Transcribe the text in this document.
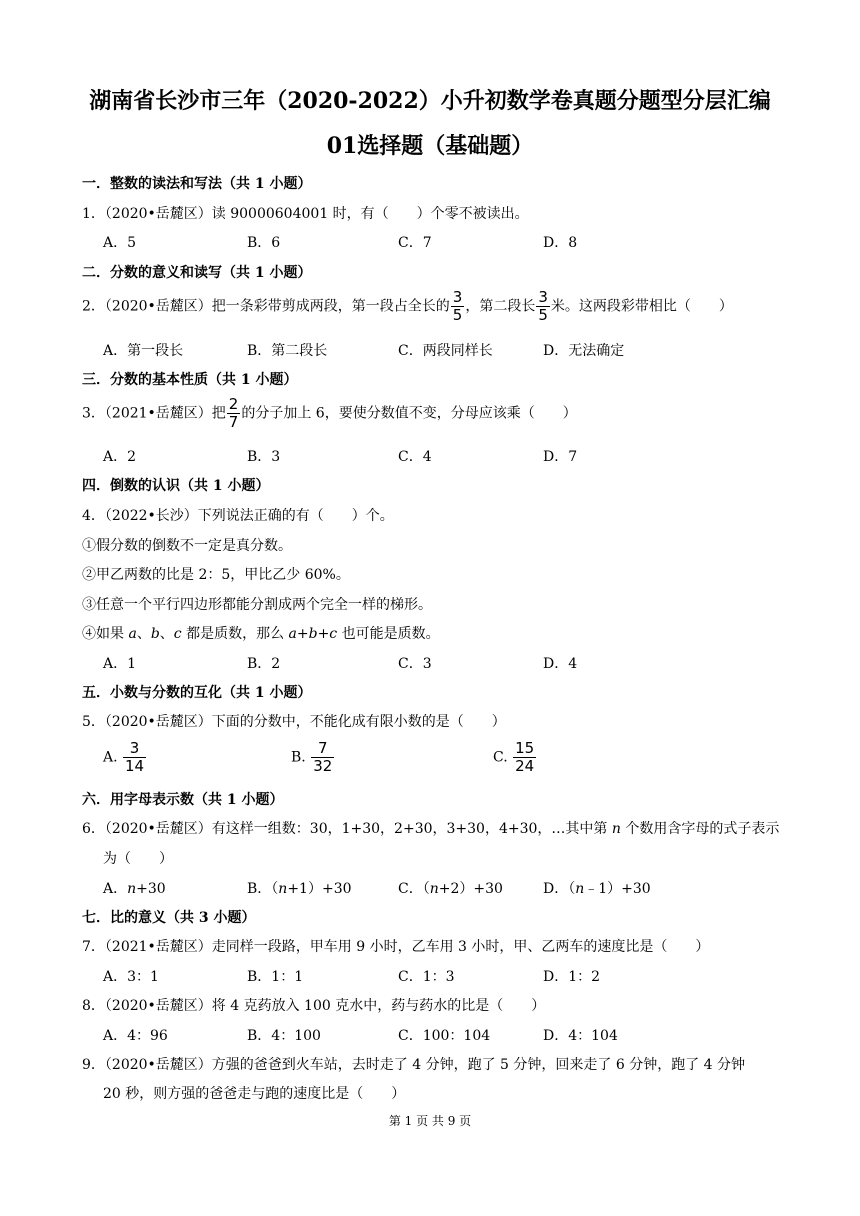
湖南省长沙市三年（2020-2022）小升初数学卷真题分题型分层汇编
01选择题（基础题）
一．整数的读法和写法（共 1 小题）
1．（2020•岳麓区）读 90000604001 时，有（　　）个零不被读出。
A．5	B．6	C．7	D．8
二．分数的意义和读写（共 1 小题）
2．（2020•岳麓区）把一条彩带剪成两段，第一段占全长的 $\frac{3}{5}$ ，第二段长 $\frac{3}{5}$ 米。这两段彩带相比（　　）
A．第一段长	B．第二段长	C．两段同样长	D．无法确定
三．分数的基本性质（共 1 小题）
3．（2021•岳麓区）把 $\frac{2}{7}$ 的分子加上 6，要使分数值不变，分母应该乘（　　）
A．2	B．3	C．4	D．7
四．倒数的认识（共 1 小题）
4．（2022•长沙）下列说法正确的有（　　）个。
①假分数的倒数不一定是真分数。
②甲乙两数的比是 2：5，甲比乙少 60%。
③任意一个平行四边形都能分割成两个完全一样的梯形。
④如果 a、b、c 都是质数，那么 a+b+c 也可能是质数。
A．1	B．2	C．3	D．4
五．小数与分数的互化（共 1 小题）
5．（2020•岳麓区）下面的分数中，不能化成有限小数的是（　　）
A. $\frac{3}{14}$	B. $\frac{7}{32}$	C. $\frac{15}{24}$
六．用字母表示数（共 1 小题）
6．（2020•岳麓区）有这样一组数：30，1+30，2+30，3+30，4+30，…其中第 n 个数用含字母的式子表示
为（　　）
A．n+30	B．（n+1）+30	C．（n+2）+30	D．（n﹣1）+30
七．比的意义（共 3 小题）
7．（2021•岳麓区）走同样一段路，甲车用 9 小时，乙车用 3 小时，甲、乙两车的速度比是（　　）
A．3：1	B．1：1	C．1：3	D．1：2
8．（2020•岳麓区）将 4 克药放入 100 克水中，药与药水的比是（　　）
A．4：96	B．4：100	C．100：104	D．4：104
9．（2020•岳麓区）方强的爸爸到火车站，去时走了 4 分钟，跑了 5 分钟，回来走了 6 分钟，跑了 4 分钟
20 秒，则方强的爸爸走与跑的速度比是（　　）
第 1 页 共 9 页
